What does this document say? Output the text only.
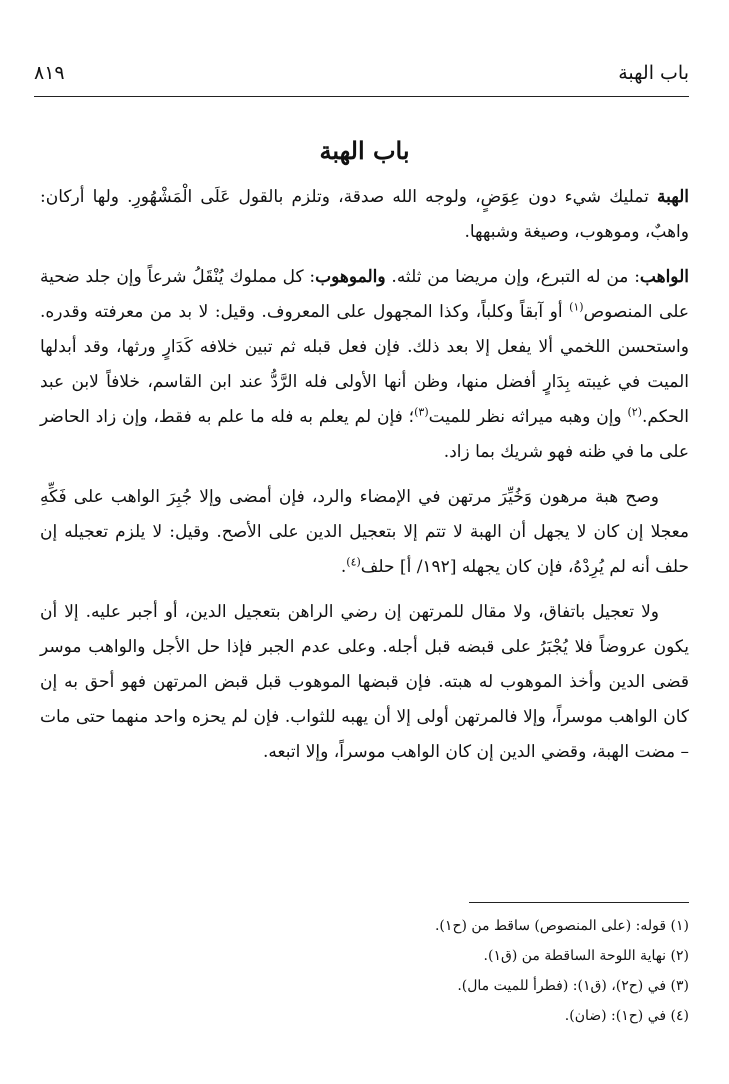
باب الهبة
٨١٩
باب الهبة

الهبة تمليك شيء دون عِوَضٍ، ولوجه الله صدقة، وتلزم بالقول عَلَى الْمَشْهُورِ. ولها أركان: واهبٌ، وموهوب، وصيغة وشبهها.

الواهب: من له التبرع، وإن مريضا من ثلثه. والموهوب: كل مملوك يُنْقَلُ شرعاً وإن جلد ضحية على المنصوص$^{(١)}$ أو آبقاً وكلباً، وكذا المجهول على المعروف. وقيل: لا بد من معرفته وقدره. واستحسن اللخمي ألا يفعل إلا بعد ذلك. فإن فعل قبله ثم تبين خلافه كَدَارٍ ورثها، وقد أبدلها الميت في غيبته بِدَارٍ أفضل منها، وظن أنها الأولى فله الرَّدُّ عند ابن القاسم، خلافاً لابن عبد الحكم.$^{(٢)}$ وإن وهبه ميراثه نظر للميت$^{(٣)}$؛ فإن لم يعلم به فله ما علم به فقط، وإن زاد الحاضر على ما في ظنه فهو شريك بما زاد.

وصح هبة مرهون وَخُيِّرَ مرتهن في الإمضاء والرد، فإن أمضى وإلا جُبِرَ الواهب على فَكِّهِ معجلا إن كان لا يجهل أن الهبة لا تتم إلا بتعجيل الدين على الأصح. وقيل: لا يلزم تعجيله إن حلف أنه لم يُرِدْهُ، فإن كان يجهله [١٩٢/ أ] حلف$^{(٤)}$.

ولا تعجيل باتفاق، ولا مقال للمرتهن إن رضي الراهن بتعجيل الدين، أو أجبر عليه. إلا أن يكون عروضاً فلا يُجْبَرُ على قبضه قبل أجله. وعلى عدم الجبر فإذا حل الأجل والواهب موسر قضى الدين وأخذ الموهوب له هبته. فإن قبضها الموهوب قبل قبض المرتهن فهو أحق به إن كان الواهب موسراً، وإلا فالمرتهن أولى إلا أن يهبه للثواب. فإن لم يحزه واحد منهما حتى مات – مضت الهبة، وقضي الدين إن كان الواهب موسراً، وإلا اتبعه.

(١) قوله: (على المنصوص) ساقط من (ح١).
(٢) نهاية اللوحة الساقطة من (ق١).
(٣) في (ح٢)، (ق١): (فطرأ للميت مال).
(٤) في (ح١): (ضان).
